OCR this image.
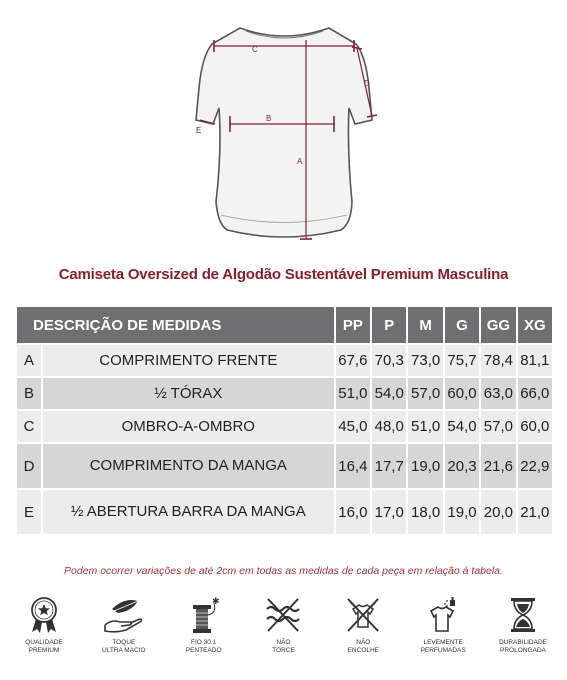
C
A
B
D
E
Camiseta Oversized de Algodão Sustentável Premium Masculina
DESCRIÇÃO DE MEDIDAS		PP	P	M	G	GG	XG
A	COMPRIMENTO FRENTE	67,6	70,3	73,0	75,7	78,4	81,1
B	½ TÓRAX	51,0	54,0	57,0	60,0	63,0	66,0
C	OMBRO-A-OMBRO	45,0	48,0	51,0	54,0	57,0	60,0
D	COMPRIMENTO DA MANGA	16,4	17,7	19,0	20,3	21,6	22,9
E	½ ABERTURA BARRA DA MANGA	16,0	17,0	18,0	19,0	20,0	21,0
Podem ocorrer variações de até 2cm em todas as medidas de cada peça em relação à tabela.
QUALIDADE
PREMIUM
TOQUE
ULTRA MACIO
✱
FIO 30.1
PENTEADO
NÃO
TORCE
NÃO
ENCOLHE
LEVEMENTE
PERFUMADAS
DURABILIDADE
PROLONGADA
